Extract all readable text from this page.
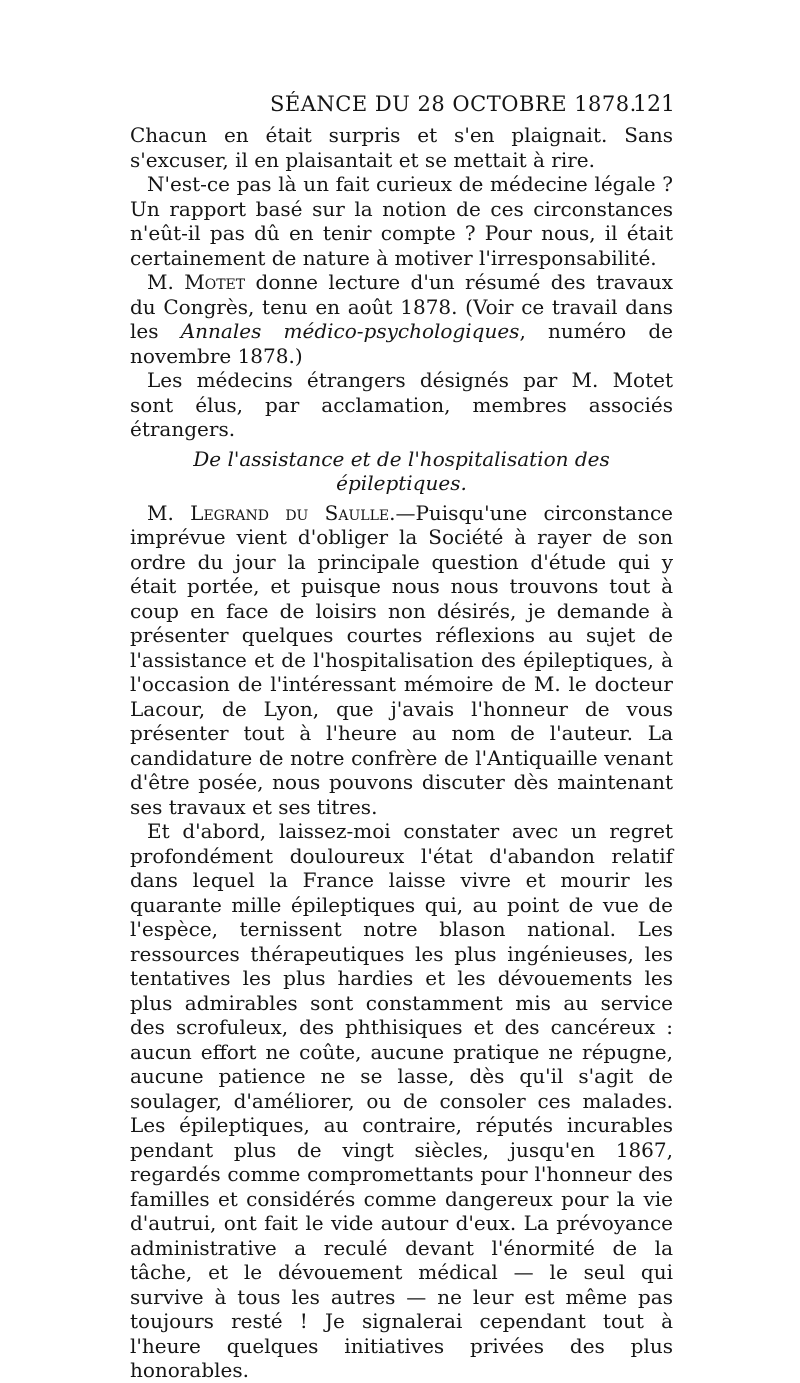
SÉANCE DU 28 OCTOBRE 1878.
121

Chacun en était surpris et s'en plaignait. Sans s'excuser, il en plaisantait et se mettait à rire.

N'est-ce pas là un fait curieux de médecine légale ? Un rapport basé sur la notion de ces circonstances n'eût-il pas dû en tenir compte ? Pour nous, il était certainement de nature à motiver l'irresponsabilité.

M. Motet donne lecture d'un résumé des travaux du Congrès, tenu en août 1878. (Voir ce travail dans les Annales médico-psychologiques, numéro de novembre 1878.)

Les médecins étrangers désignés par M. Motet sont élus, par acclamation, membres associés étrangers.

De l'assistance et de l'hospitalisation des épileptiques.

M. Legrand du Saulle.—Puisqu'une circonstance imprévue vient d'obliger la Société à rayer de son ordre du jour la principale question d'étude qui y était portée, et puisque nous nous trouvons tout à coup en face de loisirs non désirés, je demande à présenter quelques courtes réflexions au sujet de l'assistance et de l'hospitalisation des épileptiques, à l'occasion de l'intéressant mémoire de M. le docteur Lacour, de Lyon, que j'avais l'honneur de vous présenter tout à l'heure au nom de l'auteur. La candidature de notre confrère de l'Antiquaille venant d'être posée, nous pouvons discuter dès maintenant ses travaux et ses titres.

Et d'abord, laissez-moi constater avec un regret profondément douloureux l'état d'abandon relatif dans lequel la France laisse vivre et mourir les quarante mille épileptiques qui, au point de vue de l'espèce, ternissent notre blason national. Les ressources thérapeutiques les plus ingénieuses, les tentatives les plus hardies et les dévouements les plus admirables sont constamment mis au service des scrofuleux, des phthisiques et des cancéreux : aucun effort ne coûte, aucune pratique ne répugne, aucune patience ne se lasse, dès qu'il s'agit de soulager, d'améliorer, ou de consoler ces malades. Les épileptiques, au contraire, réputés incurables pendant plus de vingt siècles, jusqu'en 1867, regardés comme compromettants pour l'honneur des familles et considérés comme dangereux pour la vie d'autrui, ont fait le vide autour d'eux. La prévoyance administrative a reculé devant l'énormité de la tâche, et le dévouement médical — le seul qui survive à tous les autres — ne leur est même pas toujours resté ! Je signalerai cependant tout à l'heure quelques initiatives privées des plus honorables.
